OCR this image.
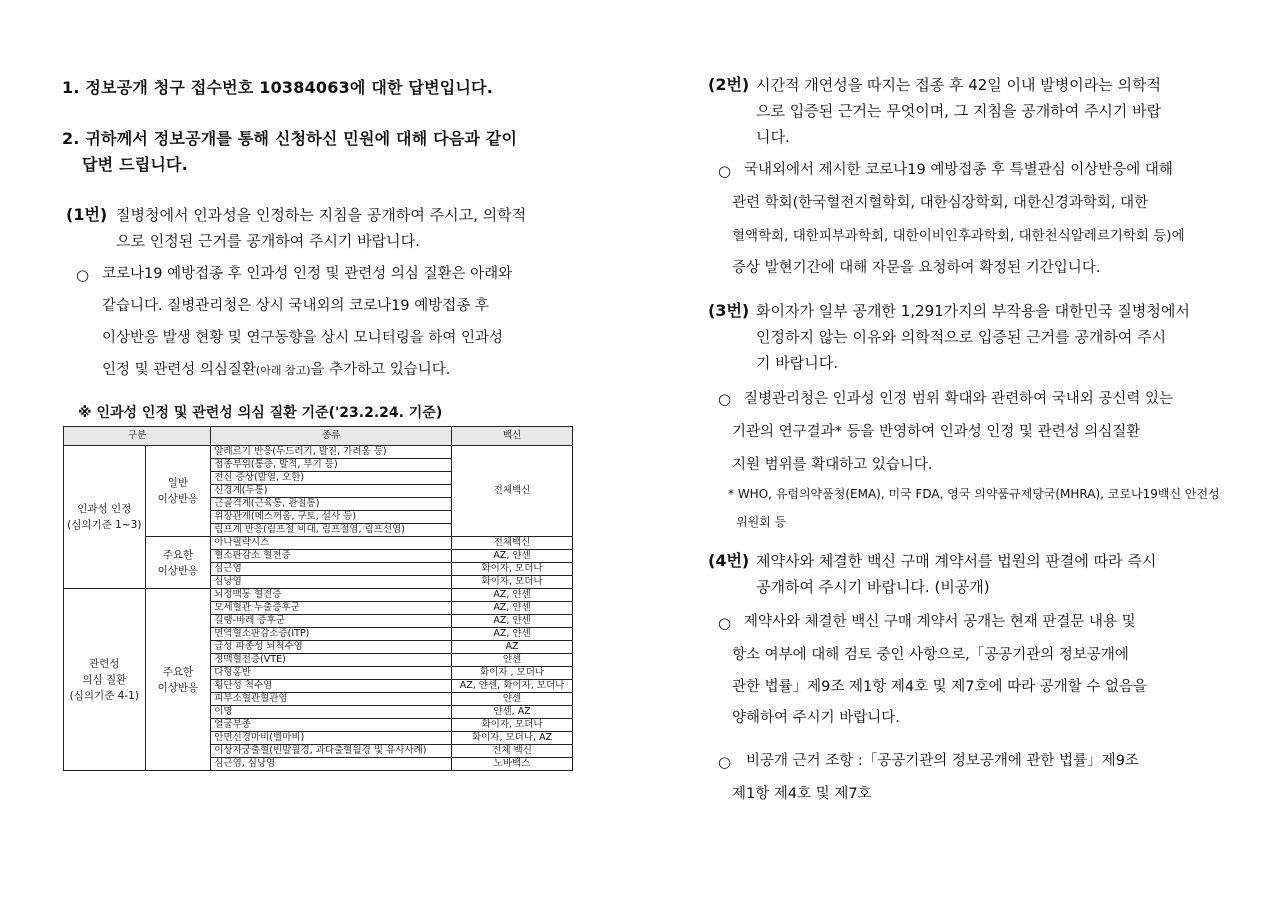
1. 정보공개 청구 접수번호 10384063에 대한 답변입니다.
2. 귀하께서 정보공개를 통해 신청하신 민원에 대해 다음과 같이
답변 드립니다.
(1번) 질병청에서 인과성을 인정하는 지침을 공개하여 주시고, 의학적
으로 인정된 근거를 공개하여 주시기 바랍니다.
○ 코로나19 예방접종 후 인과성 인정 및 관련성 의심 질환은 아래와
같습니다. 질병관리청은 상시 국내외의 코로나19 예방접종 후
이상반응 발생 현황 및 연구동향을 상시 모니터링을 하여 인과성
인정 및 관련성 의심질환(아래 참고)을 추가하고 있습니다.
※ 인과성 인정 및 관련성 의심 질환 기준('23.2.24. 기준)
구분		종류	백신
인과성 인정
(심의기준 1~3)	일반
이상반응	알레르기 반응(두드러기, 발진, 가려움 등)	전체백신
		접종부위(통증, 발적, 부기 등)	
		전신 증상(발열, 오한)	
		신경계(두통)	
		근골격계(근육통, 관절통)	
		위장관계(메스꺼움, 구토, 설사 등)	
		림프계 반응(림프절 비대, 림프절염, 림프선염)	
	주요한
이상반응	아나필락시스	전체백신
		혈소판감소 혈전증	AZ, 얀센
		심근염	화이자, 모더나
		심낭염	화이자, 모더나
관련성
의심 질환
(심의기준 4-1)	주요한
이상반응	뇌정맥동 혈전증	AZ, 얀센
		모세혈관 누출증후군	AZ, 얀센
		길랭-바레 증후군	AZ, 얀센
		면역혈소판감소증(ITP)	AZ, 얀센
		급성 파종성 뇌척수염	AZ
		정맥혈전증(VTE)	얀센
		다형홍반	화이자 , 모더나
		횡단성 척수염	AZ, 얀센, 화이자, 모더나
		피부소혈관혈관염	얀센
		이명	얀센, AZ
		얼굴부종	화이자, 모더나
		안면신경마비(벨마비)	화이자, 모더나, AZ
		이상자궁출혈(빈발월경, 과다출혈월경 및 유사사례)	전체 백신
		심근염, 심낭염	노바백스
(2번) 시간적 개연성을 따지는 접종 후 42일 이내 발병이라는 의학적
으로 입증된 근거는 무엇이며, 그 지침을 공개하여 주시기 바랍
니다.
○ 국내외에서 제시한 코로나19 예방접종 후 특별관심 이상반응에 대해
관련 학회(한국혈전지혈학회, 대한심장학회, 대한신경과학회, 대한
혈액학회, 대한피부과학회, 대한이비인후과학회, 대한천식알레르기학회 등)에
증상 발현기간에 대해 자문을 요청하여 확정된 기간입니다.
(3번) 화이자가 일부 공개한 1,291가지의 부작용을 대한민국 질병청에서
인정하지 않는 이유와 의학적으로 입증된 근거를 공개하여 주시
기 바랍니다.
○ 질병관리청은 인과성 인정 범위 확대와 관련하여 국내외 공신력 있는
기관의 연구결과* 등을 반영하여 인과성 인정 및 관련성 의심질환
지원 범위를 확대하고 있습니다.
* WHO, 유럽의약품청(EMA), 미국 FDA, 영국 의약품규제당국(MHRA), 코로나19백신 안전성
위원회 등
(4번) 제약사와 체결한 백신 구매 계약서를 법원의 판결에 따라 즉시
공개하여 주시기 바랍니다. (비공개)
○ 제약사와 체결한 백신 구매 계약서 공개는 현재 판결문 내용 및
항소 여부에 대해 검토 중인 사항으로,「공공기관의 정보공개에
관한 법률」제9조 제1항 제4호 및 제7호에 따라 공개할 수 없음을
양해하여 주시기 바랍니다.
○ 비공개 근거 조항 :「공공기관의 정보공개에 관한 법률」제9조
제1항 제4호 및 제7호
